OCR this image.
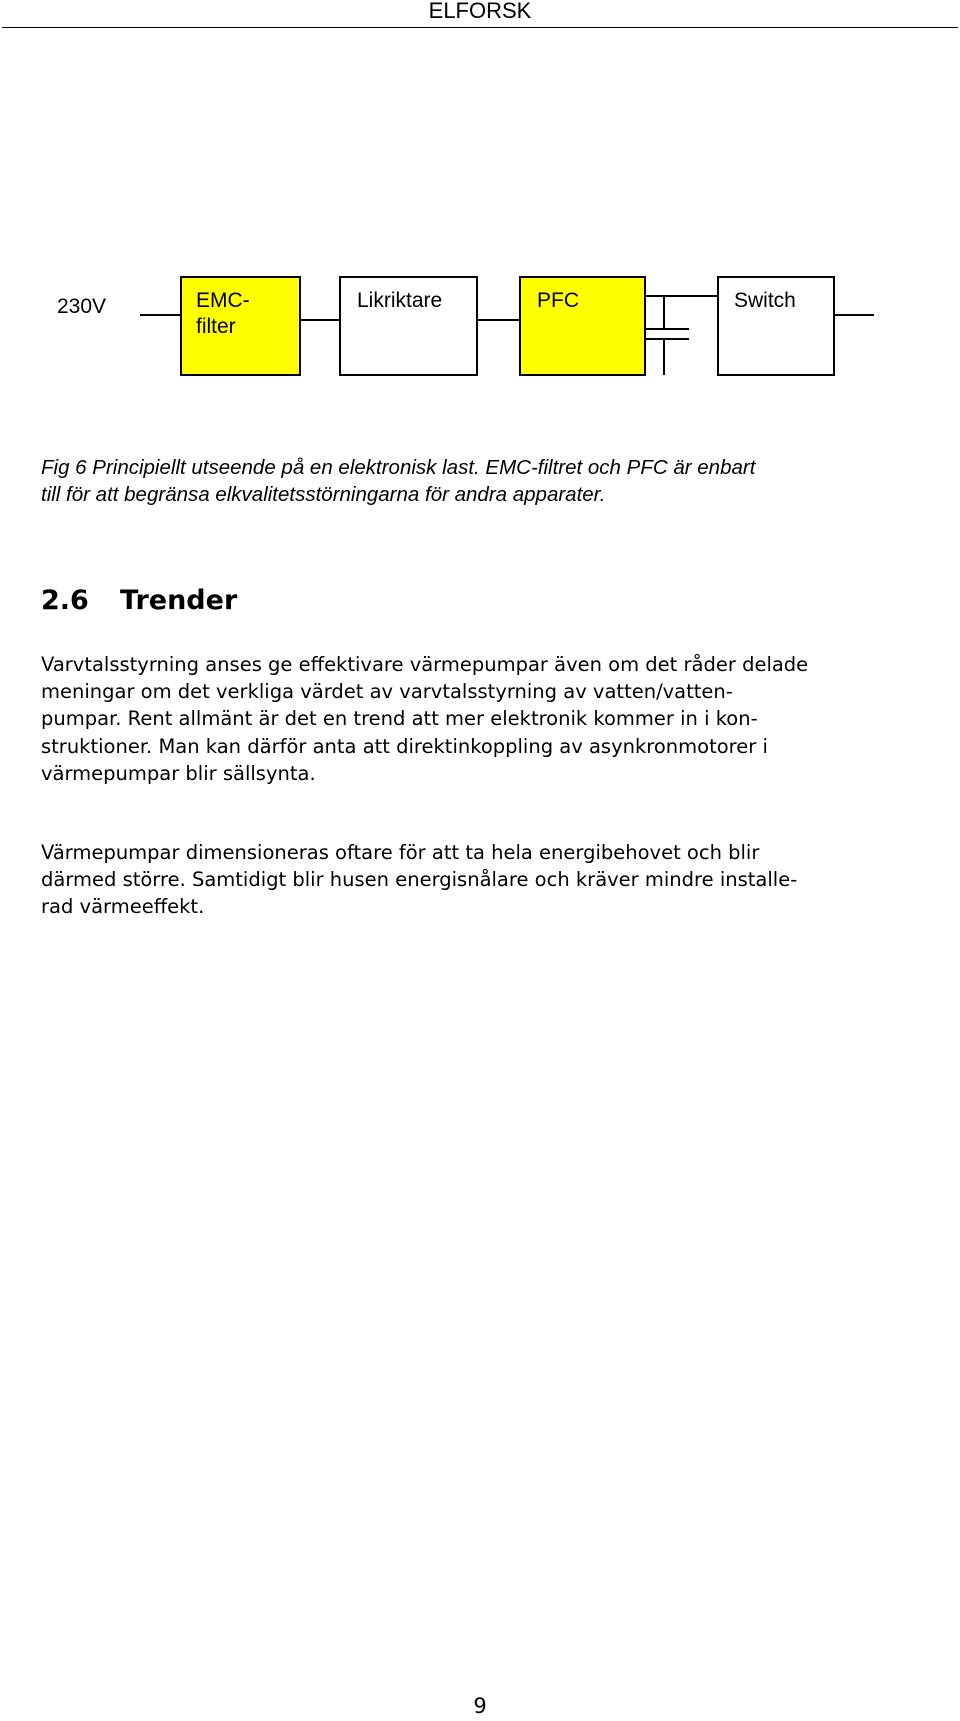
ELFORSK
230V	EMC-
filter
Likriktare	PFC	Switch

Fig 6 Principiellt utseende på en elektronisk last. EMC-filtret och PFC är enbart
till för att begränsa elkvalitetsstörningarna för andra apparater.

2.6 Trender

Varvtalsstyrning anses ge effektivare värmepumpar även om det råder delade
meningar om det verkliga värdet av varvtalsstyrning av vatten/vatten-
pumpar. Rent allmänt är det en trend att mer elektronik kommer in i kon-
struktioner. Man kan därför anta att direktinkoppling av asynkronmotorer i
värmepumpar blir sällsynta.

Värmepumpar dimensioneras oftare för att ta hela energibehovet och blir
därmed större. Samtidigt blir husen energisnålare och kräver mindre installe-
rad värmeeffekt.

9
